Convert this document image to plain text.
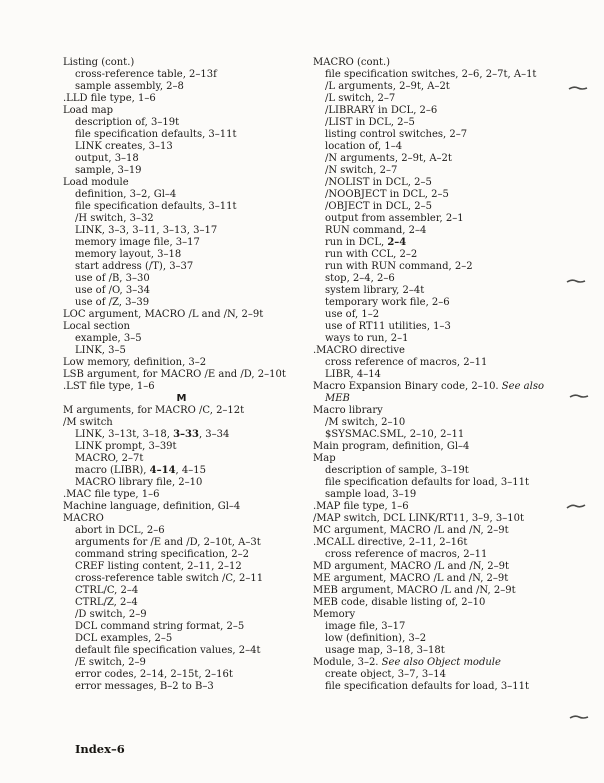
Listing (cont.)
cross-reference table, 2–13f
sample assembly, 2–8
.LLD file type, 1–6
Load map
description of, 3–19t
file specification defaults, 3–11t
LINK creates, 3–13
output, 3–18
sample, 3–19
Load module
definition, 3–2, Gl–4
file specification defaults, 3–11t
/H switch, 3–32
LINK, 3–3, 3–11, 3–13, 3–17
memory image file, 3–17
memory layout, 3–18
start address (/T), 3–37
use of /B, 3–30
use of /O, 3–34
use of /Z, 3–39
LOC argument, MACRO /L and /N, 2–9t
Local section
example, 3–5
LINK, 3–5
Low memory, definition, 3–2
LSB argument, for MACRO /E and /D, 2–10t
.LST file type, 1–6
M
M arguments, for MACRO /C, 2–12t
/M switch
LINK, 3–13t, 3–18, 3–33, 3–34
LINK prompt, 3–39t
MACRO, 2–7t
macro (LIBR), 4–14, 4–15
MACRO library file, 2–10
.MAC file type, 1–6
Machine language, definition, Gl–4
MACRO
abort in DCL, 2–6
arguments for /E and /D, 2–10t, A–3t
command string specification, 2–2
CREF listing content, 2–11, 2–12
cross-reference table switch /C, 2–11
CTRL/C, 2–4
CTRL/Z, 2–4
/D switch, 2–9
DCL command string format, 2–5
DCL examples, 2–5
default file specification values, 2–4t
/E switch, 2–9
error codes, 2–14, 2–15t, 2–16t
error messages, B–2 to B–3
MACRO (cont.)
file specification switches, 2–6, 2–7t, A–1t
/L arguments, 2–9t, A–2t
/L switch, 2–7
/LIBRARY in DCL, 2–6
/LIST in DCL, 2–5
listing control switches, 2–7
location of, 1–4
/N arguments, 2–9t, A–2t
/N switch, 2–7
/NOLIST in DCL, 2–5
/NOOBJECT in DCL, 2–5
/OBJECT in DCL, 2–5
output from assembler, 2–1
RUN command, 2–4
run in DCL, 2–4
run with CCL, 2–2
run with RUN command, 2–2
stop, 2–4, 2–6
system library, 2–4t
temporary work file, 2–6
use of, 1–2
use of RT11 utilities, 1–3
ways to run, 2–1
.MACRO directive
cross reference of macros, 2–11
LIBR, 4–14
Macro Expansion Binary code, 2–10. See also
MEB
Macro library
/M switch, 2–10
$SYSMAC.SML, 2–10, 2–11
Main program, definition, Gl–4
Map
description of sample, 3–19t
file specification defaults for load, 3–11t
sample load, 3–19
.MAP file type, 1–6
/MAP switch, DCL LINK/RT11, 3–9, 3–10t
MC argument, MACRO /L and /N, 2–9t
.MCALL directive, 2–11, 2–16t
cross reference of macros, 2–11
MD argument, MACRO /L and /N, 2–9t
ME argument, MACRO /L and /N, 2–9t
MEB argument, MACRO /L and /N, 2–9t
MEB code, disable listing of, 2–10
Memory
image file, 3–17
low (definition), 3–2
usage map, 3–18, 3–18t
Module, 3–2. See also Object module
create object, 3–7, 3–14
file specification defaults for load, 3–11t
Index–6
